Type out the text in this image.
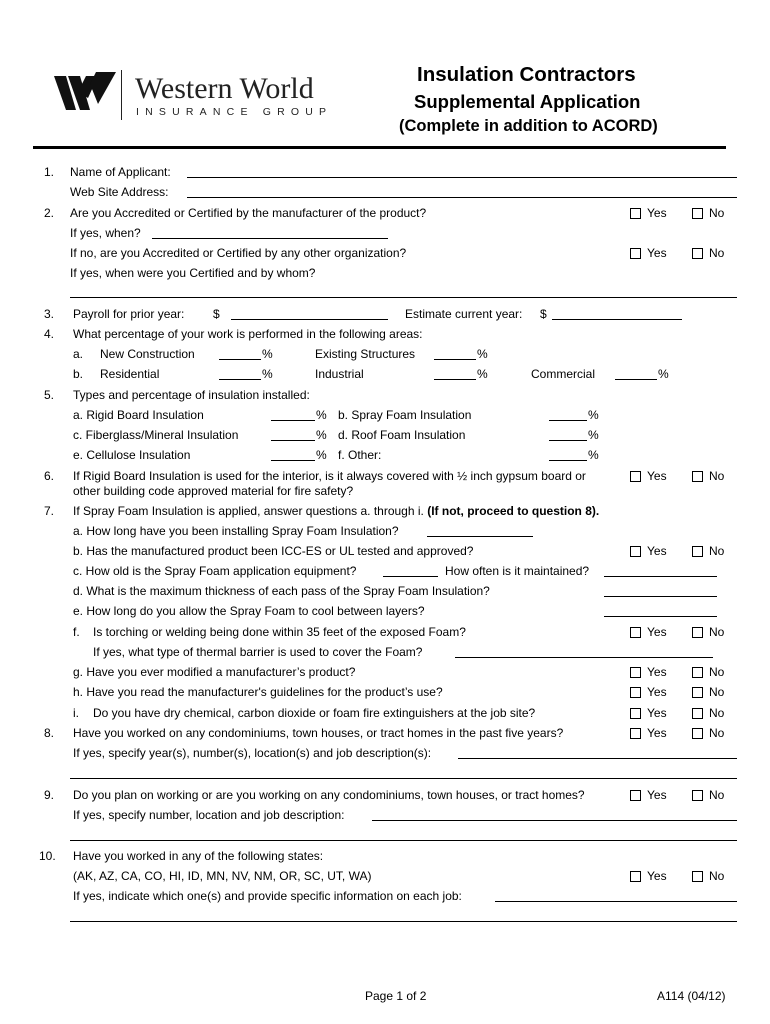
Western World
INSURANCE GROUP
Insulation Contractors
Supplemental Application
(Complete in addition to ACORD)
1. Name of Applicant:
Web Site Address:
2. Are you Accredited or Certified by the manufacturer of the product?	Yes	No
If yes, when?
If no, are you Accredited or Certified by any other organization?	Yes	No
If yes, when were you Certified and by whom?
3. Payroll for prior year: $	Estimate current year: $
4. What percentage of your work is performed in the following areas:
a. New Construction	%	Existing Structures	%
b. Residential	%	Industrial	%	Commercial	%
5. Types and percentage of insulation installed:
a. Rigid Board Insulation	% b. Spray Foam Insulation	%
c. Fiberglass/Mineral Insulation	% d. Roof Foam Insulation	%
e. Cellulose Insulation	% f. Other:	%
6. If Rigid Board Insulation is used for the interior, is it always covered with ½ inch gypsum board or
other building code approved material for fire safety?
Yes	No
7. If Spray Foam Insulation is applied, answer questions a. through i. (If not, proceed to question 8).
a. How long have you been installing Spray Foam Insulation?
b. Has the manufactured product been ICC-ES or UL tested and approved?	Yes	No
c. How old is the Spray Foam application equipment?	How often is it maintained?
d. What is the maximum thickness of each pass of the Spray Foam Insulation?
e. How long do you allow the Spray Foam to cool between layers?
f. Is torching or welding being done within 35 feet of the exposed Foam?	Yes	No
If yes, what type of thermal barrier is used to cover the Foam?
g. Have you ever modified a manufacturer’s product?	Yes	No
h. Have you read the manufacturer's guidelines for the product’s use?	Yes	No
i. Do you have dry chemical, carbon dioxide or foam fire extinguishers at the job site?	Yes	No
8. Have you worked on any condominiums, town houses, or tract homes in the past five years?	Yes	No
If yes, specify year(s), number(s), location(s) and job description(s):
9. Do you plan on working or are you working on any condominiums, town houses, or tract homes?	Yes	No
If yes, specify number, location and job description:
10. Have you worked in any of the following states:
(AK, AZ, CA, CO, HI, ID, MN, NV, NM, OR, SC, UT, WA)	Yes	No
If yes, indicate which one(s) and provide specific information on each job:
Page 1 of 2	A114 (04/12)
